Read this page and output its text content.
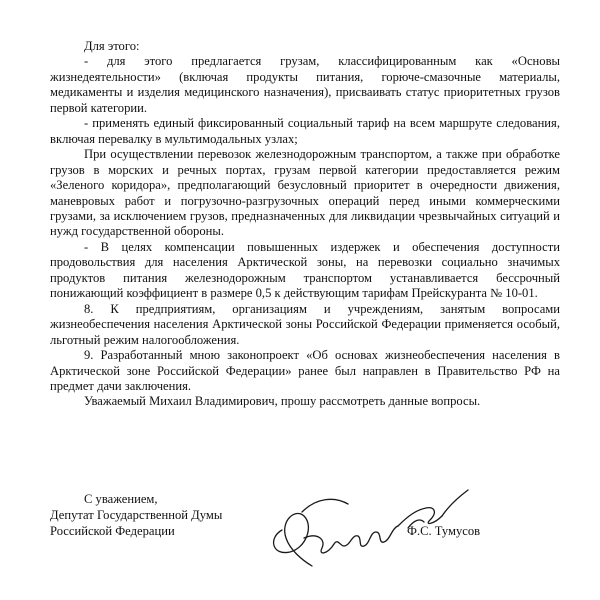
Для этого:

- для этого предлагается грузам, классифицированным как «Основы жизнедеятельности» (включая продукты питания, горюче-смазочные материалы, медикаменты и изделия медицинского назначения), присваивать статус приоритетных грузов первой категории.

- применять единый фиксированный социальный тариф на всем маршруте следования, включая перевалку в мультимодальных узлах;

При осуществлении перевозок железнодорожным транспортом, а также при обработке грузов в морских и речных портах, грузам первой категории предоставляется режим «Зеленого коридора», предполагающий безусловный приоритет в очередности движения, маневровых работ и погрузочно-разгрузочных операций перед иными коммерческими грузами, за исключением грузов, предназначенных для ликвидации чрезвычайных ситуаций и нужд государственной обороны.

- В целях компенсации повышенных издержек и обеспечения доступности продовольствия для населения Арктической зоны, на перевозки социально значимых продуктов питания железнодорожным транспортом устанавливается бессрочный понижающий коэффициент в размере 0,5 к действующим тарифам Прейскуранта № 10-01.

8. К предприятиям, организациям и учреждениям, занятым вопросами жизнеобеспечения населения Арктической зоны Российской Федерации применяется особый, льготный режим налогообложения.

9. Разработанный мною законопроект «Об основах жизнеобеспечения населения в Арктической зоне Российской Федерации» ранее был направлен в Правительство РФ на предмет дачи заключения.

Уважаемый Михаил Владимирович, прошу рассмотреть данные вопросы.

С уважением,
Депутат Государственной Думы
Российской Федерации	Ф.С. Тумусов
